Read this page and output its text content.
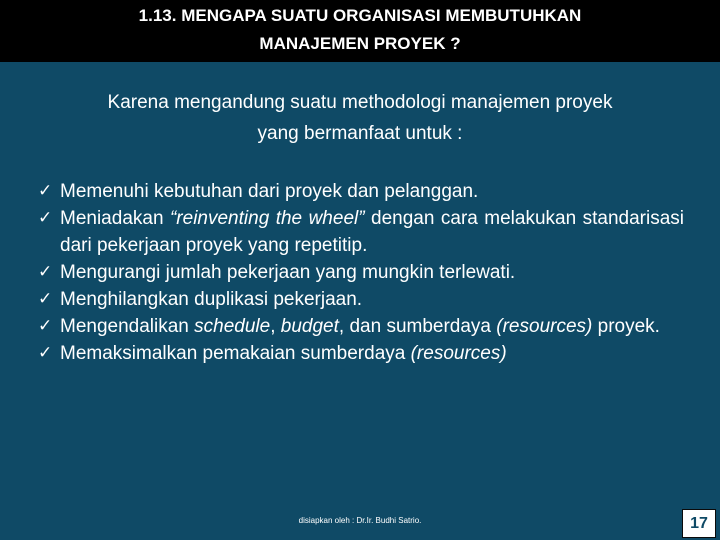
1.13. MENGAPA SUATU ORGANISASI MEMBUTUHKAN
MANAJEMEN PROYEK ?
Karena mengandung suatu methodologi manajemen proyek
yang bermanfaat untuk :
✓ Memenuhi kebutuhan dari proyek dan pelanggan.
✓ Meniadakan “reinventing the wheel” dengan cara melakukan standarisasi dari pekerjaan proyek yang repetitip.
✓ Mengurangi jumlah pekerjaan yang mungkin terlewati.
✓ Menghilangkan duplikasi pekerjaan.
✓ Mengendalikan schedule, budget, dan sumberdaya (resources) proyek.
✓ Memaksimalkan pemakaian sumberdaya (resources)
disiapkan oleh : Dr.Ir. Budhi Satrio.	17
